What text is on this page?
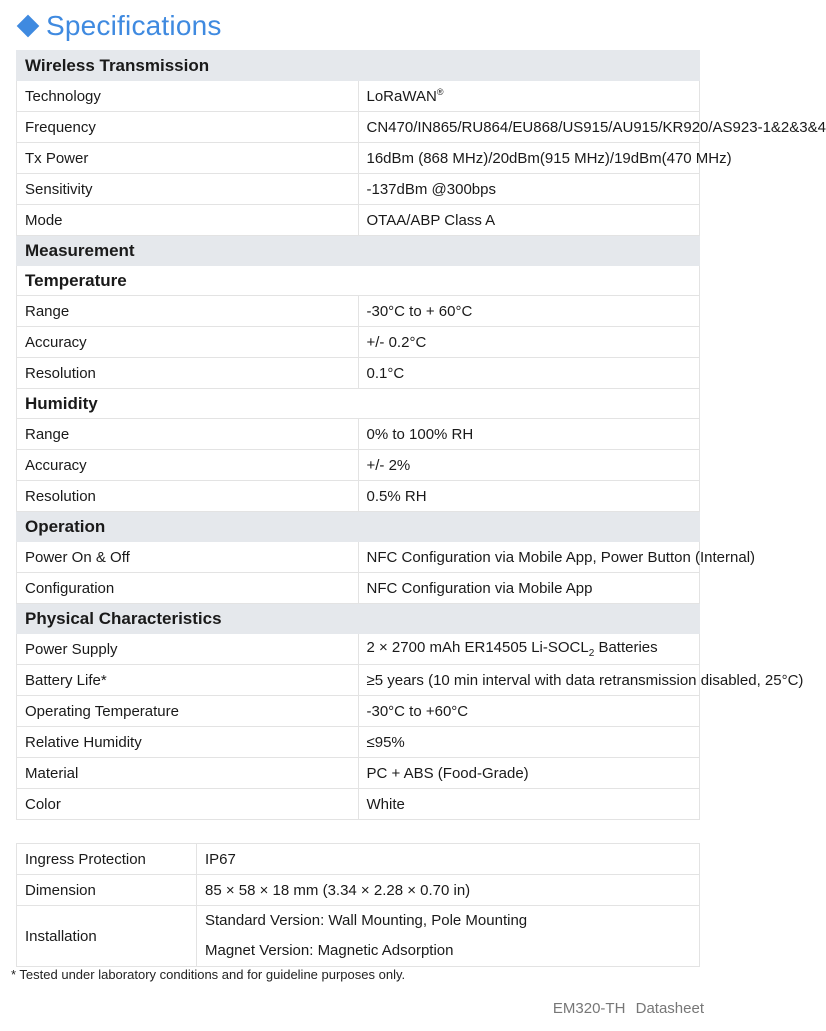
Specifications
Wireless Transmission	
Technology	LoRaWAN®
Frequency	CN470/IN865/RU864/EU868/US915/AU915/KR920/AS923-1&2&3&4
Tx Power	16dBm (868 MHz)/20dBm(915 MHz)/19dBm(470 MHz)
Sensitivity	-137dBm @300bps
Mode	OTAA/ABP Class A
Measurement	
Temperature	
Range	-30°C to + 60°C
Accuracy	+/- 0.2°C
Resolution	0.1°C
Humidity	
Range	0% to 100% RH
Accuracy	+/- 2%
Resolution	0.5% RH
Operation	
Power On & Off	NFC Configuration via Mobile App, Power Button (Internal)
Configuration	NFC Configuration via Mobile App
Physical Characteristics	
Power Supply	2 × 2700 mAh ER14505 $Li-SOCL_2$ Batteries
Battery Life*	≥5 years (10 min interval with data retransmission disabled, 25°C)
Operating Temperature	-30°C to +60°C
Relative Humidity	≤95%
Material	PC + ABS (Food-Grade)
Color	White
Ingress Protection	IP67
Dimension	85 × 58 × 18 mm (3.34 × 2.28 × 0.70 in)
Installation	Standard Version: Wall Mounting, Pole Mounting
Magnet Version: Magnetic Adsorption
* Tested under laboratory conditions and for guideline purposes only.
EM320-TH Datasheet
